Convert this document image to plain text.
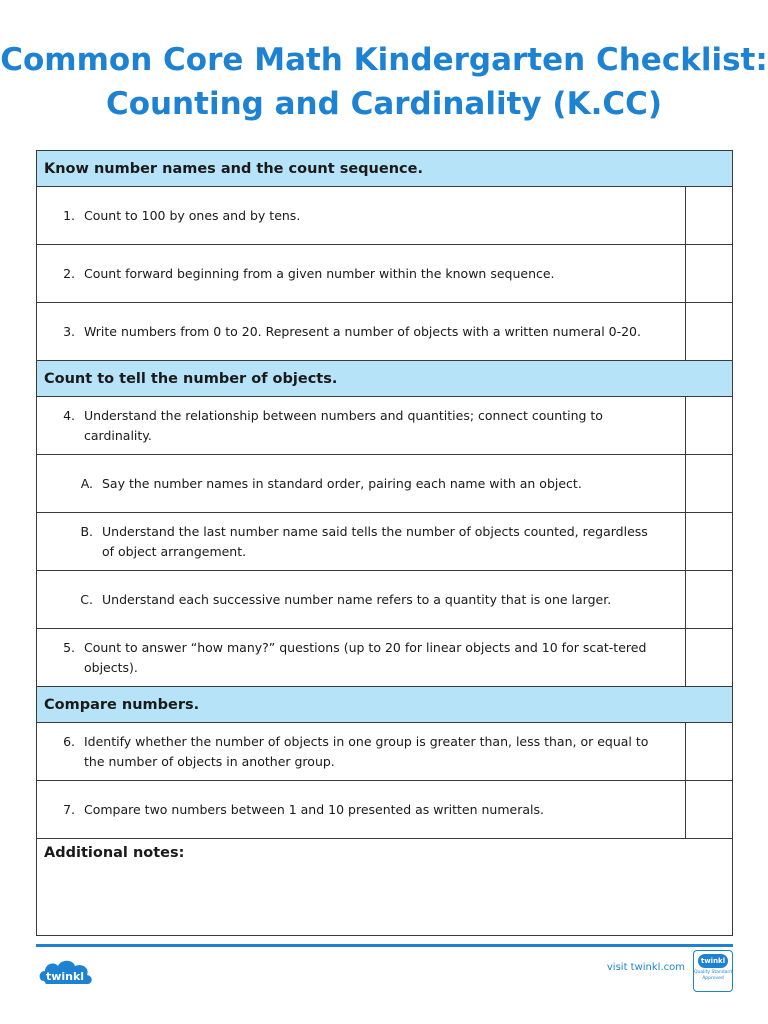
Common Core Math Kindergarten Checklist:
Counting and Cardinality (K.CC)
Know number names and the count sequence.	

1. Count to 100 by ones and by tens.	

2. Count forward beginning from a given number within the known sequence.	

3. Write numbers from 0 to 20. Represent a number of objects with a written numeral 0-20.	

Count to tell the number of objects.	

4. Understand the relationship between numbers and quantities; connect counting to cardinality.	

A. Say the number names in standard order, pairing each name with an object.	

B. Understand the last number name said tells the number of objects counted, regardless of object arrangement.	

C. Understand each successive number name refers to a quantity that is one larger.	

5. Count to answer “how many?” questions (up to 20 for linear objects and 10 for scat-tered objects).	

Compare numbers.	

6. Identify whether the number of objects in one group is greater than, less than, or equal to the number of objects in another group.	

7. Compare two numbers between 1 and 10 presented as written numerals.	

Additional notes:	
twinkl
visit twinkl.com
twinkl
Quality Standard Approved
